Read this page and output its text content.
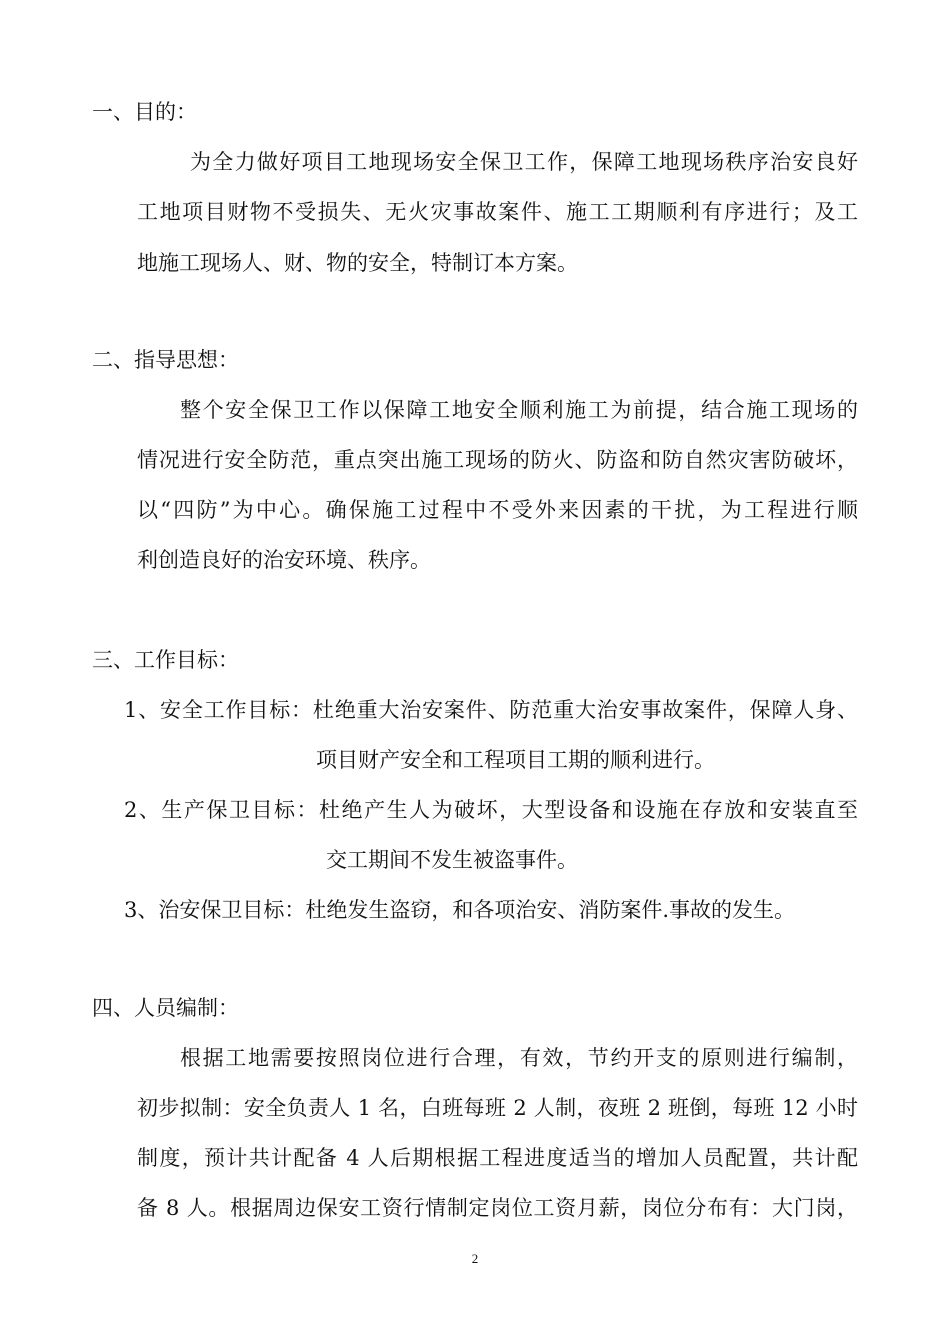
一、目的：
为全力做好项目工地现场安全保卫工作，保障工地现场秩序治安良好
工地项目财物不受损失、无火灾事故案件、施工工期顺利有序进行；及工
地施工现场人、财、物的安全，特制订本方案。
二、指导思想：
整个安全保卫工作以保障工地安全顺利施工为前提，结合施工现场的
情况进行安全防范，重点突出施工现场的防火、防盗和防自然灾害防破坏，
以“四防”为中心。确保施工过程中不受外来因素的干扰，为工程进行顺
利创造良好的治安环境、秩序。
三、工作目标：
1、安全工作目标：杜绝重大治安案件、防范重大治安事故案件，保障人身、
项目财产安全和工程项目工期的顺利进行。
2、生产保卫目标：杜绝产生人为破坏，大型设备和设施在存放和安装直至
交工期间不发生被盗事件。
3、治安保卫目标：杜绝发生盗窃，和各项治安、消防案件.事故的发生。
四、人员编制：
根据工地需要按照岗位进行合理，有效，节约开支的原则进行编制，
初步拟制：安全负责人 1 名，白班每班 2 人制，夜班 2 班倒，每班 12 小时
制度，预计共计配备 4 人后期根据工程进度适当的增加人员配置，共计配
备 8 人。根据周边保安工资行情制定岗位工资月薪，岗位分布有：大门岗，
2
